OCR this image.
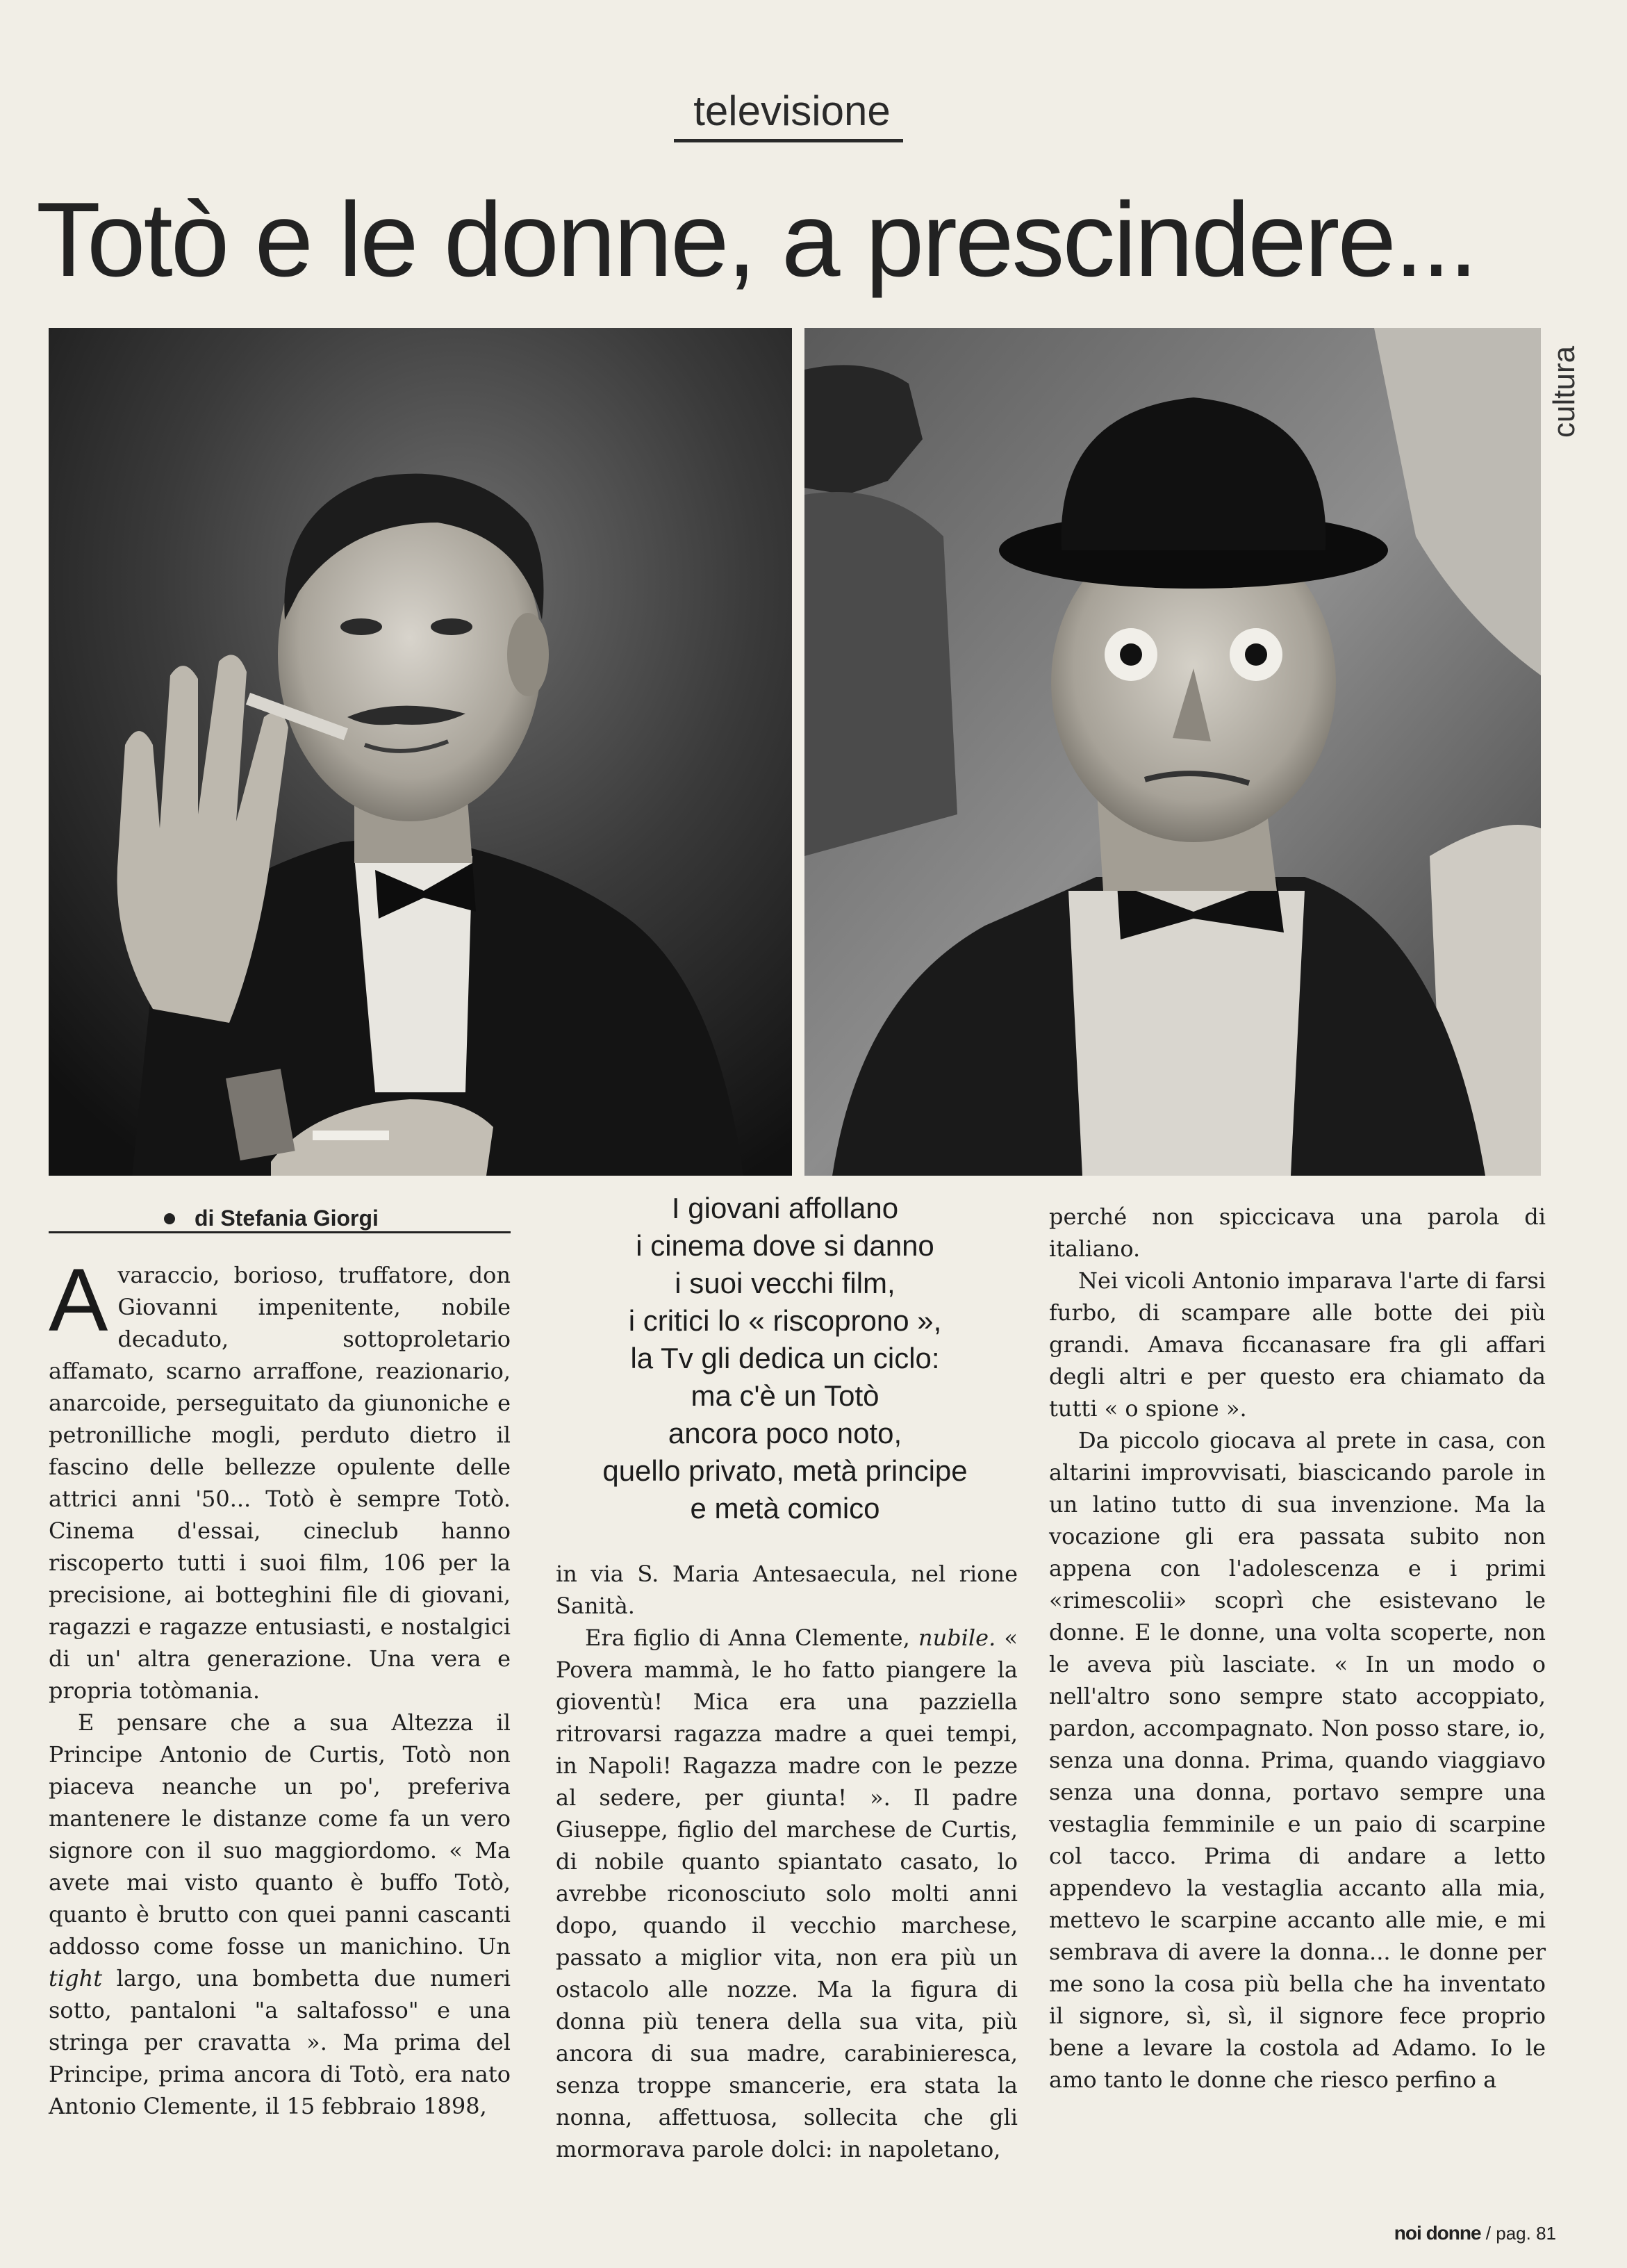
televisione
Totò e le donne, a prescindere...
cultura
di Stefania Giorgi

Avaraccio, borioso, truffatore, don Giovanni impenitente, nobile decaduto, sottoproletario affamato, scarno arraffone, reazionario, anarcoide, perseguitato da giunoniche e petronilliche mogli, perduto dietro il fascino delle bellezze opulente delle attrici anni '50... Totò è sempre Totò. Cinema d'essai, cineclub hanno riscoperto tutti i suoi film, 106 per la precisione, ai botteghini file di giovani, ragazzi e ragazze entusiasti, e nostalgici di un' altra generazione. Una vera e propria totòmania.

E pensare che a sua Altezza il Principe Antonio de Curtis, Totò non piaceva neanche un po', preferiva mantenere le distanze come fa un vero signore con il suo maggiordomo. « Ma avete mai visto quanto è buffo Totò, quanto è brutto con quei panni cascanti addosso come fosse un manichino. Un tight largo, una bombetta due numeri sotto, pantaloni "a saltafosso" e una stringa per cravatta ». Ma prima del Principe, prima ancora di Totò, era nato Antonio Clemente, il 15 febbraio 1898,

I giovani affollano
i cinema dove si danno
i suoi vecchi film,
i critici lo « riscoprono »,
la Tv gli dedica un ciclo:
ma c'è un Totò
ancora poco noto,
quello privato, metà principe
e metà comico

in via S. Maria Antesaecula, nel rione Sanità.

Era figlio di Anna Clemente, nubile. « Povera mammà, le ho fatto piangere la gioventù! Mica era una pazziella ritrovarsi ragazza madre a quei tempi, in Napoli! Ragazza madre con le pezze al sedere, per giunta! ». Il padre Giuseppe, figlio del marchese de Curtis, di nobile quanto spiantato casato, lo avrebbe riconosciuto solo molti anni dopo, quando il vecchio marchese, passato a miglior vita, non era più un ostacolo alle nozze. Ma la figura di donna più tenera della sua vita, più ancora di sua madre, carabinieresca, senza troppe smancerie, era stata la nonna, affettuosa, sollecita che gli mormorava parole dolci: in napoletano,

perché non spiccicava una parola di italiano.

Nei vicoli Antonio imparava l'arte di farsi furbo, di scampare alle botte dei più grandi. Amava ficcanasare fra gli affari degli altri e per questo era chiamato da tutti « o spione ».

Da piccolo giocava al prete in casa, con altarini improvvisati, biascicando parole in un latino tutto di sua invenzione. Ma la vocazione gli era passata subito non appena con l'adolescenza e i primi «rimescolii» scoprì che esistevano le donne. E le donne, una volta scoperte, non le aveva più lasciate. « In un modo o nell'altro sono sempre stato accoppiato, pardon, accompagnato. Non posso stare, io, senza una donna. Prima, quando viaggiavo senza una donna, portavo sempre una vestaglia femminile e un paio di scarpine col tacco. Prima di andare a letto appendevo la vestaglia accanto alla mia, mettevo le scarpine accanto alle mie, e mi sembrava di avere la donna... le donne per me sono la cosa più bella che ha inventato il signore, sì, sì, il signore fece proprio bene a levare la costola ad Adamo. Io le amo tanto le donne che riesco perfino a

noi donne / pag. 81
